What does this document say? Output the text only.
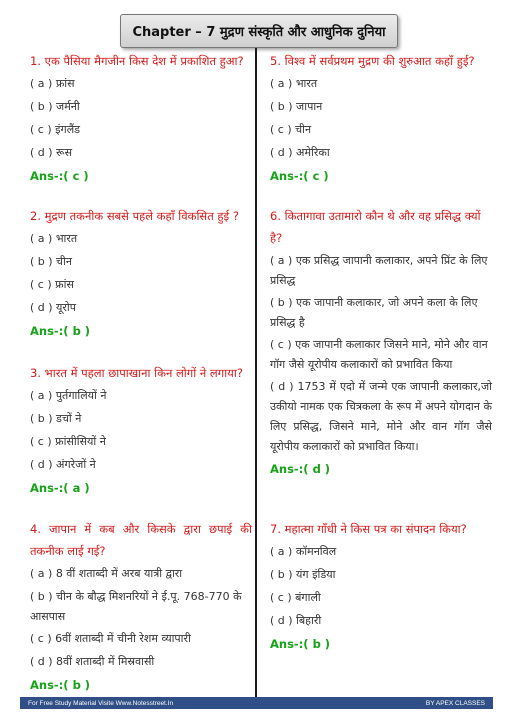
Chapter – 7 मुद्रण संस्कृति और आधुनिक दुनिया
1. एक पैसिया मैगजीन किस देश में प्रकाशित हुआ?
( a ) फ्रांस
( b ) जर्मनी
( c ) इंगलैंड
( d ) रूस
Ans-:( c )
2. मुद्रण तकनीक सबसे पहले कहाँ विकसित हुई ?
( a ) भारत
( b ) चीन
( c ) फ्रांस
( d ) यूरोप
Ans-:( b )
3. भारत में पहला छापाखाना किन लोगों ने लगाया?
( a ) पुर्तगालियों ने
( b ) डचों ने
( c ) फ्रांसीसियों ने
( d ) अंगरेजों ने
Ans-:( a )
4. जापान में कब और किसके द्वारा छपाई की तकनीक लाई गई?
( a ) 8 वीं शताब्दी में अरब यात्री द्वारा
( b ) चीन के बौद्ध मिशनरियों ने ई.पू. 768-770 के आसपास
( c ) 6वीं शताब्दी में चीनी रेशम व्यापारी
( d ) 8वीं शताब्दी में मिस्रवासी
Ans-:( b )
5. विश्व में सर्वप्रथम मुद्रण की शुरुआत कहाँ हुई?
( a ) भारत
( b ) जापान
( c ) चीन
( d ) अमेरिका
Ans-:( c )
6. कितागावा उतामारो कौन थे और वह प्रसिद्ध क्यों है?
( a ) एक प्रसिद्ध जापानी कलाकार, अपने प्रिंट के लिए प्रसिद्ध
( b ) एक जापानी कलाकार, जो अपने कला के लिए प्रसिद्ध है
( c ) एक जापानी कलाकार जिसने माने, मोने और वान गॉग जैसे यूरोपीय कलाकारों को प्रभावित किया
( d ) 1753 में एदो में जन्मे एक जापानी कलाकार,जो उकीयो नामक एक चित्रकला के रूप में अपने योगदान के लिए प्रसिद्ध, जिसने माने, मोने और वान गॉग जैसे यूरोपीय कलाकारों को प्रभावित किया।
Ans-:( d )
7. महात्मा गाँधी ने किस पत्र का संपादन किया?
( a ) कॉमनविल
( b ) यंग इंडिया
( c ) बंगाली
( d ) बिहारी
Ans-:( b )
For Free Study Material Visite Www.Notesstreet.In	BY APEX CLASSES
